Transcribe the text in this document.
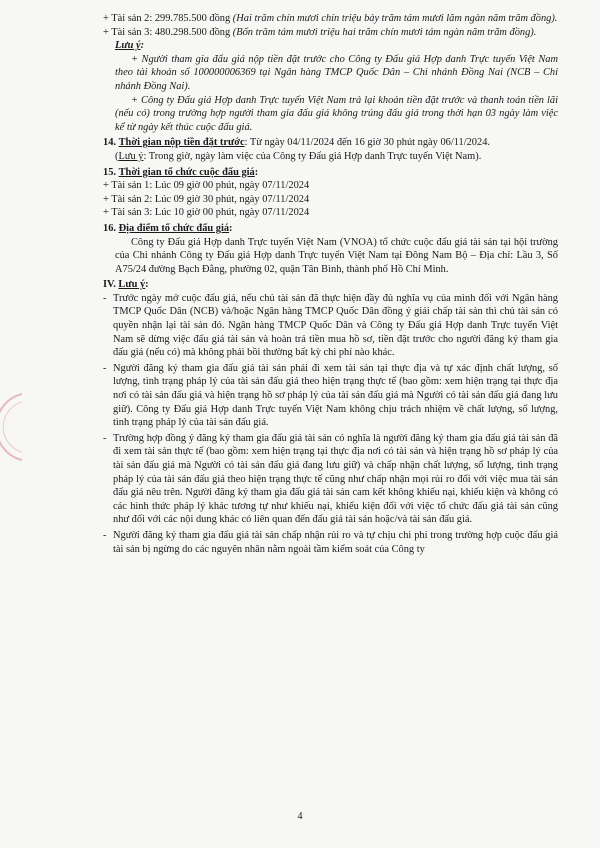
+ Tài sản 2: 299.785.500 đồng (Hai trăm chín mươi chín triệu bảy trăm tám mươi lăm ngàn năm trăm đồng).
+ Tài sản 3: 480.298.500 đồng (Bốn trăm tám mươi triệu hai trăm chín mươi tám ngàn năm trăm đồng).

Lưu ý:

+ Người tham gia đấu giá nộp tiền đặt trước cho Công ty Đấu giá Hợp danh Trực tuyến Việt Nam theo tài khoản số 100000006369 tại Ngân hàng TMCP Quốc Dân – Chi nhánh Đồng Nai (NCB – Chi nhánh Đồng Nai).

+ Công ty Đấu giá Hợp danh Trực tuyến Việt Nam trả lại khoản tiền đặt trước và thanh toán tiền lãi (nếu có) trong trường hợp người tham gia đấu giá không trúng đấu giá trong thời hạn 03 ngày làm việc kể từ ngày kết thúc cuộc đấu giá.

14. Thời gian nộp tiền đặt trước: Từ ngày 04/11/2024 đến 16 giờ 30 phút ngày 06/11/2024.

(Lưu ý: Trong giờ, ngày làm việc của Công ty Đấu giá Hợp danh Trực tuyến Việt Nam).

15. Thời gian tổ chức cuộc đấu giá:

+ Tài sản 1: Lúc 09 giờ 00 phút, ngày 07/11/2024

+ Tài sản 2: Lúc 09 giờ 30 phút, ngày 07/11/2024

+ Tài sản 3: Lúc 10 giờ 00 phút, ngày 07/11/2024

16. Địa điểm tổ chức đấu giá:

Công ty Đấu giá Hợp danh Trực tuyến Việt Nam (VNOA) tổ chức cuộc đấu giá tài sản tại hội trường của Chi nhánh Công ty Đấu giá Hợp danh Trực tuyến Việt Nam tại Đông Nam Bộ – Địa chỉ: Lầu 3, Số A75/24 đường Bạch Đằng, phường 02, quận Tân Bình, thành phố Hồ Chí Minh.

IV. Lưu ý:

- Trước ngày mở cuộc đấu giá, nếu chủ tài sản đã thực hiện đầy đủ nghĩa vụ của mình đối với Ngân hàng TMCP Quốc Dân (NCB) và/hoặc Ngân hàng TMCP Quốc Dân đồng ý giải chấp tài sản thì chủ tài sản có quyền nhận lại tài sản đó. Ngân hàng TMCP Quốc Dân và Công ty Đấu giá Hợp danh Trực tuyến Việt Nam sẽ dừng việc đấu giá tài sản và hoàn trả tiền mua hồ sơ, tiền đặt trước cho người đăng ký tham gia đấu giá (nếu có) mà không phải bồi thường bất kỳ chi phí nào khác.
- Người đăng ký tham gia đấu giá tài sản phải đi xem tài sản tại thực địa và tự xác định chất lượng, số lượng, tình trạng pháp lý của tài sản đấu giá theo hiện trạng thực tế (bao gồm: xem hiện trạng tại thực địa nơi có tài sản đấu giá và hiện trạng hồ sơ pháp lý của tài sản đấu giá mà Người có tài sản đấu giá đang lưu giữ). Công ty Đấu giá Hợp danh Trực tuyến Việt Nam không chịu trách nhiệm về chất lượng, số lượng, tình trạng pháp lý của tài sản đấu giá.
- Trường hợp đồng ý đăng ký tham gia đấu giá tài sản có nghĩa là người đăng ký tham gia đấu giá tài sản đã đi xem tài sản thực tế (bao gồm: xem hiện trạng tại thực địa nơi có tài sản và hiện trạng hồ sơ pháp lý của tài sản đấu giá mà Người có tài sản đấu giá đang lưu giữ) và chấp nhận chất lượng, số lượng, tình trạng pháp lý của tài sản đấu giá theo hiện trạng thực tế cũng như chấp nhận mọi rủi ro đối với việc mua tài sản đấu giá nêu trên. Người đăng ký tham gia đấu giá tài sản cam kết không khiếu nại, khiếu kiện và không có các hình thức pháp lý khác tương tự như khiếu nại, khiếu kiện đối với việc tổ chức đấu giá tài sản cũng như đối với các nội dung khác có liên quan đến đấu giá tài sản hoặc/và tài sản đấu giá.
- Người đăng ký tham gia đấu giá tài sản chấp nhận rủi ro và tự chịu chi phí trong trường hợp cuộc đấu giá tài sản bị ngừng do các nguyên nhân nằm ngoài tầm kiểm soát của Công ty
4
